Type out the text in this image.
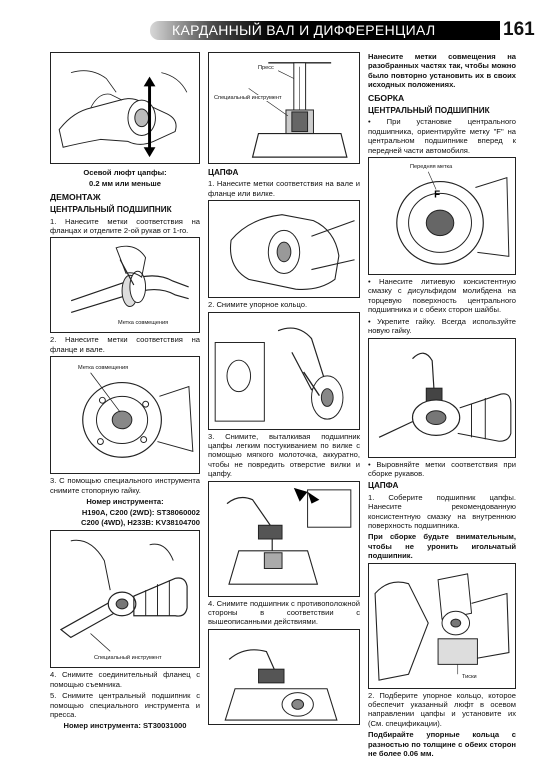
КАРДАННЫЙ ВАЛ И ДИФФЕРЕНЦИАЛ	161

Осевой люфт цапфы:

0.2 мм или меньше

ДЕМОНТАЖ

ЦЕНТРАЛЬНЫЙ ПОДШИПНИК

1. Нанесите метки соответствия на фланцах и отделите 2-ой рукав от 1-го.

Метка совмещения

2. Нанесите метки соответствия на фланце и вале.

Метка совмещения

3. С помощью специального инструмента снимите стопорную гайку.

Номер инструмента:

H190A, C200 (2WD): ST38060002

C200 (4WD), H233B: KV38104700

Специальный инструмент

4. Снимите соединительный фланец с помощью съемника.

5. Снимите центральный подшипник с помощью специального инструмента и пресса.

Номер инструмента: ST30031000

Пресс
Специальный инструмент

ЦАПФА

1. Нанесите метки соответствия на вале и фланце или вилке.

2. Снимите упорное кольцо.

3. Снимите, выталкивая подшипник цапфы легким постукиванием по вилке с помощью мягкого молоточка, аккуратно, чтобы не повредить отверстие вилки и цапфу.

4. Снимите подшипник с противоположной стороны в соответствии с вышеописанными действиями.

Нанесите метки совмещения на разобранных частях так, чтобы можно было повторно установить их в своих исходных положениях.

СБОРКА

ЦЕНТРАЛЬНЫЙ ПОДШИПНИК

• При установке центрального подшипника, ориентируйте метку "F" на центральном подшипнике вперед к передней части автомобиля.

F
Передняя метка

• Нанесите литиевую консистентную смазку с дисульфидом молибдена на торцевую поверхность центрального подшипника и с обеих сторон шайбы.

• Укрепите гайку. Всегда используйте новую гайку.

• Выровняйте метки соответствия при сборке рукавов.

ЦАПФА

1. Соберите подшипник цапфы. Нанесите рекомендованную консистентную смазку на внутреннюю поверхность подшипника.

При сборке будьте внимательным, чтобы не уронить игольчатый подшипник.

Тиски

2. Подберите упорное кольцо, которое обеспечит указанный люфт в осевом направлении цапфы и установите их (См. спецификации).

Подбирайте упорные кольца с разностью по толщине с обеих сторон не более 0.06 мм.
